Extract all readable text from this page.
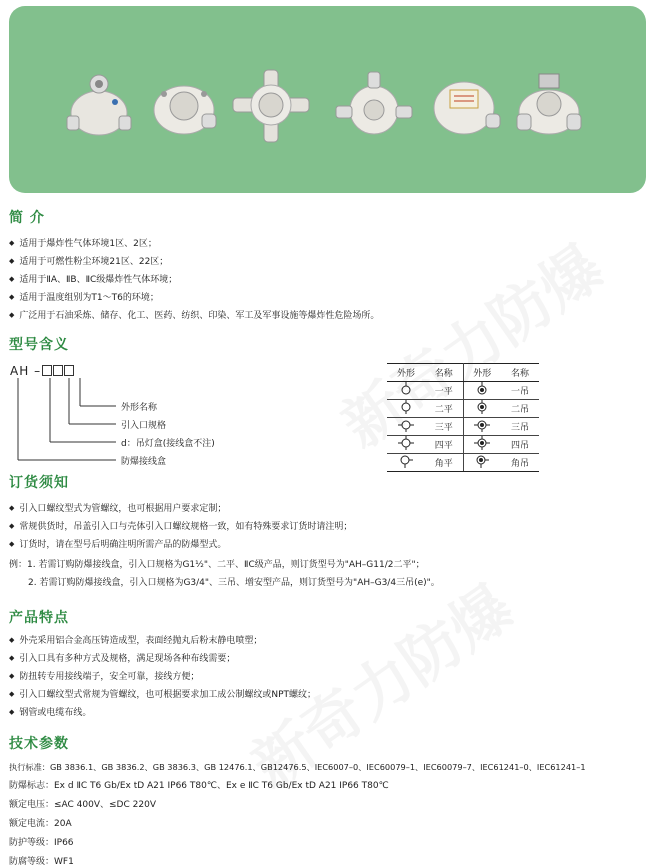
简 介
◆ 适用于爆炸性气体环境1区、2区；
◆ 适用于可燃性粉尘环境21区、22区；
◆ 适用于ⅡA、ⅡB、ⅡC级爆炸性气体环境；
◆ 适用于温度组别为T1～T6的环境；
◆ 广泛用于石油采炼、储存、化工、医药、纺织、印染、军工及军事设施等爆炸性危险场所。
型号含义
AH –
外形名称
引入口规格
d：吊灯盒(接线盒不注)
防爆接线盒
外形	名称	外形	名称
	一平		一吊
	二平		二吊
	三平		三吊
	四平		四吊
	角平		角吊
订货须知
◆ 引入口螺纹型式为管螺纹，也可根据用户要求定制；
◆ 常规供货时，吊盖引入口与壳体引入口螺纹规格一致，如有特殊要求订货时请注明；
◆ 订货时，请在型号后明确注明所需产品的防爆型式。
例：1. 若需订购防爆接线盒，引入口规格为G1½"、二平、ⅡC级产品，则订货型号为"AH–G11/2二平"；
2. 若需订购防爆接线盒，引入口规格为G3/4"、三吊、增安型产品，则订货型号为"AH–G3/4三吊(e)"。
产品特点
◆ 外壳采用铝合金高压铸造成型，表面经抛丸后粉末静电喷塑；
◆ 引入口具有多种方式及规格，满足现场各种布线需要；
◆ 防扭转专用接线端子，安全可靠，接线方便；
◆ 引入口螺纹型式常规为管螺纹，也可根据要求加工成公制螺纹或NPT螺纹；
◆ 钢管或电缆布线。
技术参数
执行标准：GB 3836.1、GB 3836.2、GB 3836.3、GB 12476.1、GB12476.5、IEC6007–0、IEC60079–1、IEC60079–7、IEC61241–0、IEC61241–1
防爆标志：Ex d ⅡC T6 Gb/Ex tD A21 IP66 T80℃、Ex e ⅡC T6 Gb/Ex tD A21 IP66 T80℃
额定电压：≤AC 400V、≤DC 220V
额定电流：20A
防护等级：IP66
防腐等级：WF1
